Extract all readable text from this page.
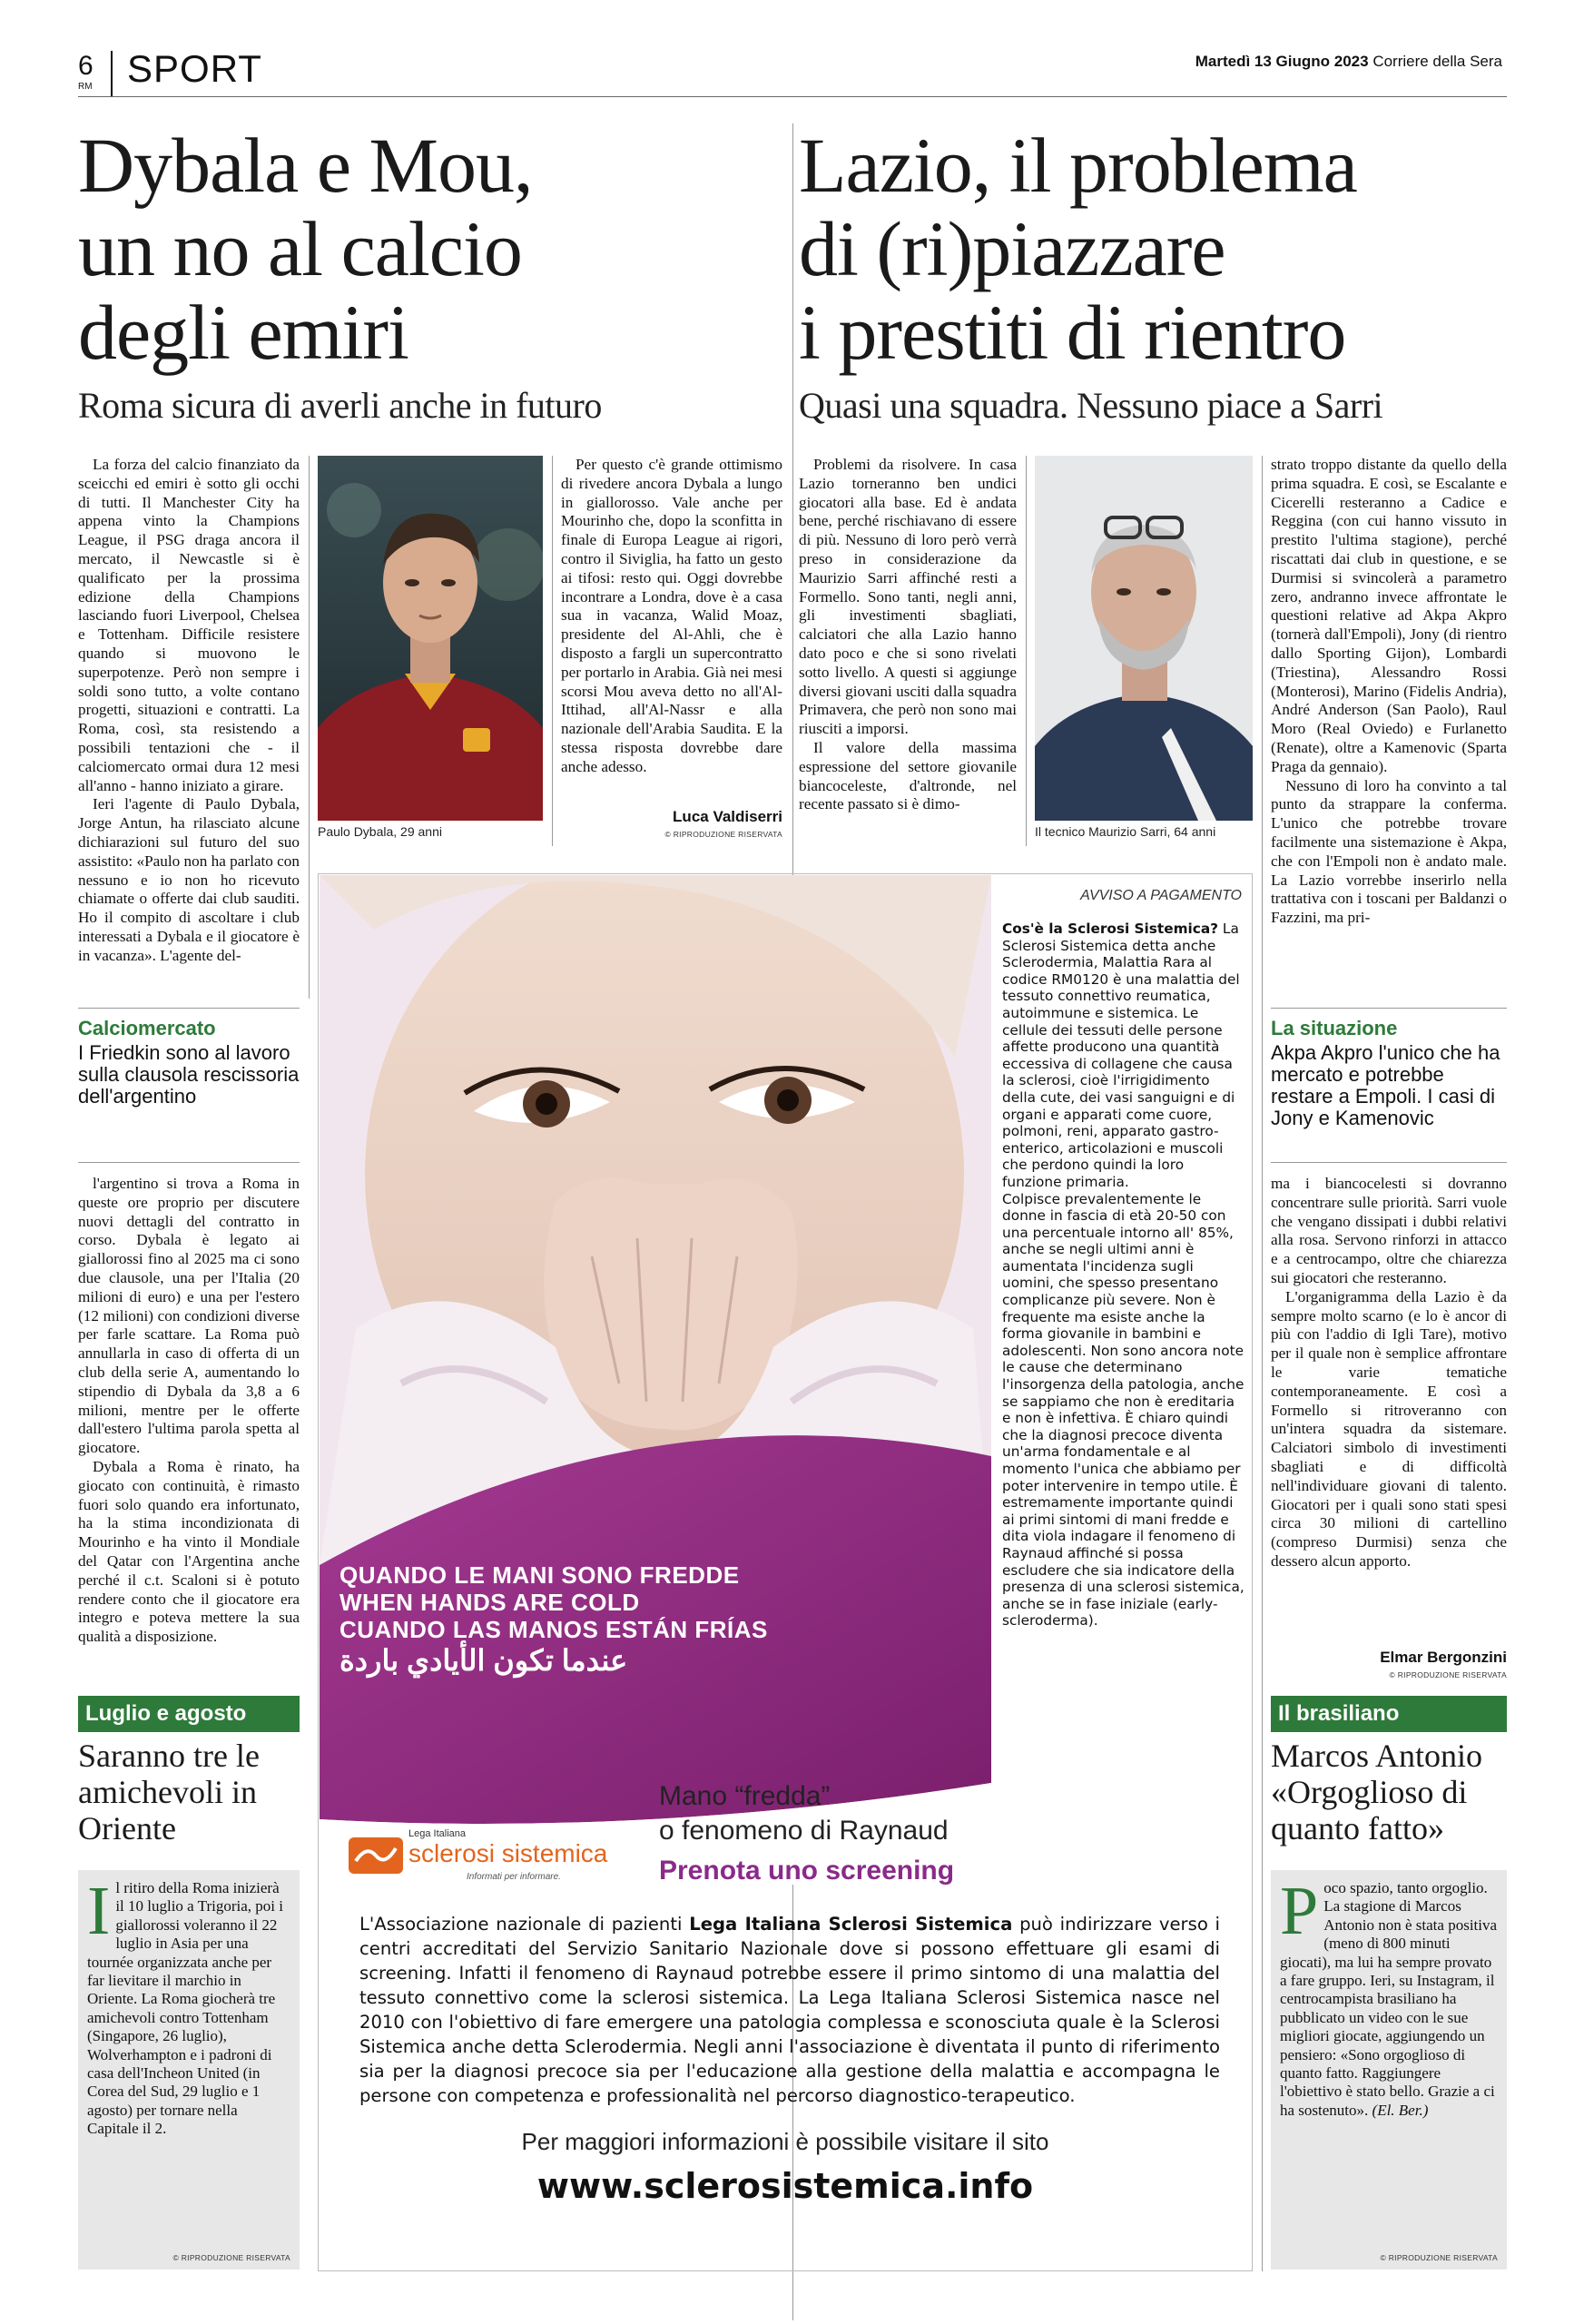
6
RM SPORT	Martedì 13 Giugno 2023 Corriere della Sera
Dybala e Mou,
un no al calcio
degli emiri
Roma sicura di averli anche in futuro
Lazio, il problema
di (ri)piazzare
i prestiti di rientro
Quasi una squadra. Nessuno piace a Sarri

La forza del calcio finanziato da sceicchi ed emiri è sotto gli occhi di tutti. Il Manchester City ha appena vinto la Champions League, il PSG draga ancora il mercato, il Newcastle si è qualificato per la prossima edizione della Champions lasciando fuori Liverpool, Chelsea e Tottenham. Difficile resistere quando si muovono le superpotenze. Però non sempre i soldi sono tutto, a volte contano progetti, situazioni e contratti. La Roma, così, sta resistendo a possibili tentazioni che - il calciomercato ormai dura 12 mesi all'anno - hanno iniziato a girare.

Ieri l'agente di Paulo Dybala, Jorge Antun, ha rilasciato alcune dichiarazioni sul futuro del suo assistito: «Paulo non ha parlato con nessuno e io non ho ricevuto chiamate o offerte dai club sauditi. Ho il compito di ascoltare i club interessati a Dybala e il giocatore è in vacanza». L'agente del-

Paulo Dybala, 29 anni

Per questo c'è grande ottimismo di rivedere ancora Dybala a lungo in giallorosso. Vale anche per Mourinho che, dopo la sconfitta in finale di Europa League ai rigori, contro il Siviglia, ha fatto un gesto ai tifosi: resto qui. Oggi dovrebbe incontrare a Londra, dove è a casa sua in vacanza, Walid Moaz, presidente del Al-Ahli, che è disposto a fargli un supercontratto per portarlo in Arabia. Già nei mesi scorsi Mou aveva detto no all'Al-Ittihad, all'Al-Nassr e alla nazionale dell'Arabia Saudita. E la stessa risposta dovrebbe dare anche adesso.

Luca Valdiserri
© RIPRODUZIONE RISERVATA
Calciomercato
I Friedkin sono al lavoro sulla clausola rescissoria dell'argentino

l'argentino si trova a Roma in queste ore proprio per discutere nuovi dettagli del contratto in corso. Dybala è legato ai giallorossi fino al 2025 ma ci sono due clausole, una per l'Italia (20 milioni di euro) e una per l'estero (12 milioni) con condizioni diverse per farle scattare. La Roma può annullarla in caso di offerta di un club della serie A, aumentando lo stipendio di Dybala da 3,8 a 6 milioni, mentre per le offerte dall'estero l'ultima parola spetta al giocatore.

Dybala a Roma è rinato, ha giocato con continuità, è rimasto fuori solo quando era infortunato, ha la stima incondizionata di Mourinho e ha vinto il Mondiale del Qatar con l'Argentina anche perché il c.t. Scaloni si è potuto rendere conto che il giocatore era integro e poteva mettere la sua qualità a disposizione.

Luglio e agosto
Saranno tre le amichevoli in Oriente
Il ritiro della Roma inizierà il 10 luglio a Trigoria, poi i giallorossi voleranno il 22 luglio in Asia per una tournée organizzata anche per far lievitare il marchio in Oriente. La Roma giocherà tre amichevoli contro Tottenham (Singapore, 26 luglio), Wolverhampton e i padroni di casa dell'Incheon United (in Corea del Sud, 29 luglio e 1 agosto) per tornare nella Capitale il 2.
© RIPRODUZIONE RISERVATA

Problemi da risolvere. In casa Lazio torneranno ben undici giocatori alla base. Ed è andata bene, perché rischiavano di essere di più. Nessuno di loro però verrà preso in considerazione da Maurizio Sarri affinché resti a Formello. Sono tanti, negli anni, gli investimenti sbagliati, calciatori che alla Lazio hanno dato poco e che si sono rivelati sotto livello. A questi si aggiunge diversi giovani usciti dalla squadra Primavera, che però non sono mai riusciti a imporsi.

Il valore della massima espressione del settore giovanile biancoceleste, d'altronde, nel recente passato si è dimo-

Il tecnico Maurizio Sarri, 64 anni

strato troppo distante da quello della prima squadra. E così, se Escalante e Cicerelli resteranno a Cadice e Reggina (con cui hanno vissuto in prestito l'ultima stagione), perché riscattati dai club in questione, e se Durmisi si svincolerà a parametro zero, andranno invece affrontate le questioni relative ad Akpa Akpro (tornerà dall'Empoli), Jony (di rientro dallo Sporting Gijon), Lombardi (Triestina), Alessandro Rossi (Monterosi), Marino (Fidelis Andria), André Anderson (San Paolo), Raul Moro (Real Oviedo) e Furlanetto (Renate), oltre a Kamenovic (Sparta Praga da gennaio).

Nessuno di loro ha convinto a tal punto da strappare la conferma. L'unico che potrebbe trovare facilmente una sistemazione è Akpa, che con l'Empoli non è andato male. La Lazio vorrebbe inserirlo nella trattativa con i toscani per Baldanzi o Fazzini, ma pri-

La situazione
Akpa Akpro l'unico che ha mercato e potrebbe restare a Empoli. I casi di Jony e Kamenovic

ma i biancocelesti si dovranno concentrare sulle priorità. Sarri vuole che vengano dissipati i dubbi relativi alla rosa. Servono rinforzi in attacco e a centrocampo, oltre che chiarezza sui giocatori che resteranno.

L'organigramma della Lazio è da sempre molto scarno (e lo è ancor di più con l'addio di Igli Tare), motivo per il quale non è semplice affrontare le varie tematiche contemporaneamente. E così a Formello si ritroveranno con un'intera squadra da sistemare. Calciatori simbolo di investimenti sbagliati e di difficoltà nell'individuare giovani di talento. Giocatori per i quali sono stati spesi circa 30 milioni di cartellino (compreso Durmisi) senza che dessero alcun apporto.

Elmar Bergonzini
© RIPRODUZIONE RISERVATA
Il brasiliano
Marcos Antonio «Orgoglioso di quanto fatto»
Poco spazio, tanto orgoglio. La stagione di Marcos Antonio non è stata positiva (meno di 800 minuti giocati), ma lui ha sempre provato a fare gruppo. Ieri, su Instagram, il centrocampista brasiliano ha pubblicato un video con le sue migliori giocate, aggiungendo un pensiero: «Sono orgoglioso di quanto fatto. Raggiungere l'obiettivo è stato bello. Grazie a ci ha sostenuto». (El. Ber.)
© RIPRODUZIONE RISERVATA
QUANDO LE MANI SONO FREDDE
WHEN HANDS ARE COLD
CUANDO LAS MANOS ESTÁN FRÍAS
عندما تكون الأيادي باردة
Lega Italiana
sclerosi sistemica
Informati per informare.
Mano “fredda”
o fenomeno di Raynaud
Prenota uno screening
AVVISO A PAGAMENTO
Cos'è la Sclerosi Sistemica? La Sclerosi Sistemica detta anche Sclerodermia, Malattia Rara al codice RM0120 è una malattia del tessuto connettivo reumatica, autoimmune e sistemica. Le cellule dei tessuti delle persone affette producono una quantità eccessiva di collagene che causa la sclerosi, cioè l'irrigidimento della cute, dei vasi sanguigni e di organi e apparati come cuore, polmoni, reni, apparato gastro-enterico, articolazioni e muscoli che perdono quindi la loro funzione primaria.
Colpisce prevalentemente le donne in fascia di età 20-50 con una percentuale intorno all' 85%, anche se negli ultimi anni è aumentata l'incidenza sugli uomini, che spesso presentano complicanze più severe. Non è frequente ma esiste anche la forma giovanile in bambini e adolescenti. Non sono ancora note le cause che determinano l'insorgenza della patologia, anche se sappiamo che non è ereditaria e non è infettiva. È chiaro quindi che la diagnosi precoce diventa un'arma fondamentale e al momento l'unica che abbiamo per poter intervenire in tempo utile. È estremamente importante quindi ai primi sintomi di mani fredde e dita viola indagare il fenomeno di Raynaud affinché si possa escludere che sia indicatore della presenza di una sclerosi sistemica, anche se in fase iniziale (early-scleroderma).
L'Associazione nazionale di pazienti Lega Italiana Sclerosi Sistemica può indirizzare verso i centri accreditati del Servizio Sanitario Nazionale dove si possono effettuare gli esami di screening. Infatti il fenomeno di Raynaud potrebbe essere il primo sintomo di una malattia del tessuto connettivo come la sclerosi sistemica. La Lega Italiana Sclerosi Sistemica nasce nel 2010 con l'obiettivo di fare emergere una patologia complessa e sconosciuta quale è la Sclerosi Sistemica anche detta Sclerodermia. Negli anni l'associazione è diventata il punto di riferimento sia per la diagnosi precoce sia per l'educazione alla gestione della malattia e accompagna le persone con competenza e professionalità nel percorso diagnostico-terapeutico.
Per maggiori informazioni è possibile visitare il sito
www.sclerosistemica.info
